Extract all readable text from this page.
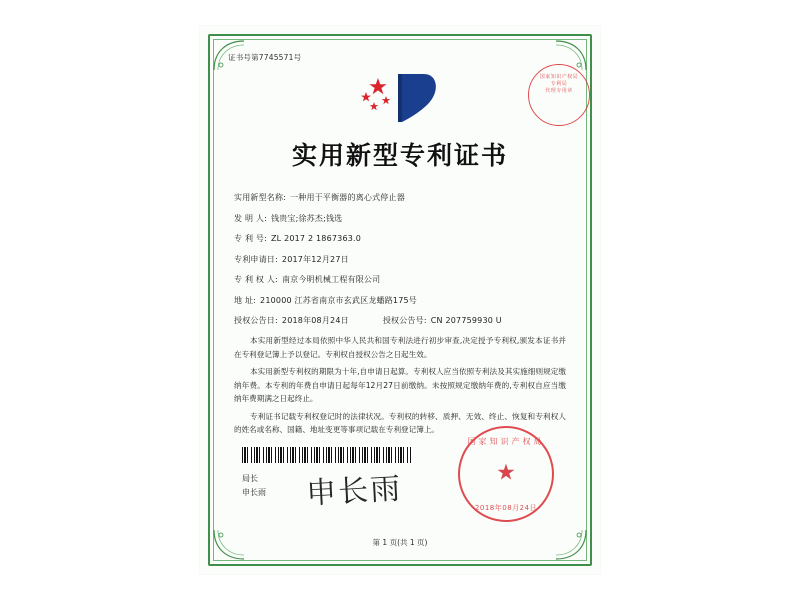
证书号第7745571号
实用新型专利证书
实用新型名称: 一种用于平衡器的离心式停止器
发 明 人: 钱贵宝;徐苏杰;钱选
专 利 号: ZL 2017 2 1867363.0
专利申请日: 2017年12月27日
专 利 权 人: 南京今明机械工程有限公司
地 址: 210000 江苏省南京市玄武区龙蟠路175号
授权公告日: 2018年08月24日	授权公告号: CN 207759930 U

本实用新型经过本局依照中华人民共和国专利法进行初步审查,决定授予专利权,颁发本证书并在专利登记簿上予以登记。专利权自授权公告之日起生效。

本实用新型专利权的期限为十年,自申请日起算。专利权人应当依照专利法及其实施细则规定缴纳年费。本专利的年费自申请日起每年12月27日前缴纳。未按照规定缴纳年费的,专利权自应当缴纳年费期满之日起终止。

专利证书记载专利权登记时的法律状况。专利权的转移、质押、无效、终止、恢复和专利权人的姓名或名称、国籍、地址变更等事项记载在专利登记簿上。

局长
申长雨 申长雨
第 1 页(共 1 页)
国家知识产权局
专利局
代理专用章
国家知识产权局
★
2018年08月24日
